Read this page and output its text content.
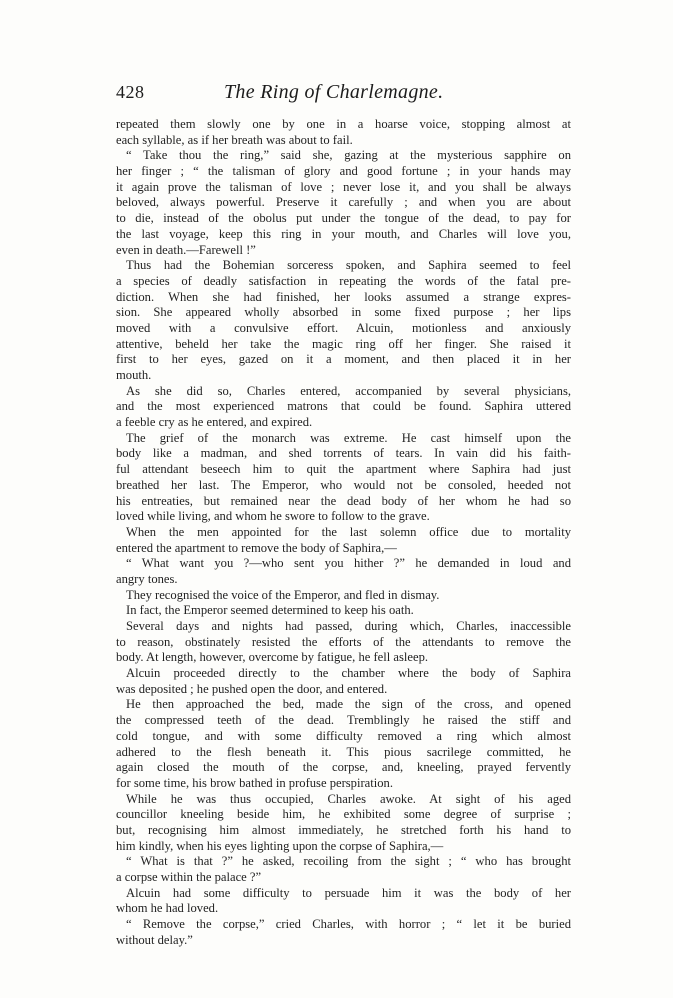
428	The Ring of Charlemagne.
repeated them slowly one by one in a hoarse voice, stopping almost at
each syllable, as if her breath was about to fail.
“ Take thou the ring,” said she, gazing at the mysterious sapphire on
her finger ; “ the talisman of glory and good fortune ; in your hands may
it again prove the talisman of love ; never lose it, and you shall be always
beloved, always powerful. Preserve it carefully ; and when you are about
to die, instead of the obolus put under the tongue of the dead, to pay for
the last voyage, keep this ring in your mouth, and Charles will love you,
even in death.—Farewell !”
Thus had the Bohemian sorceress spoken, and Saphira seemed to feel
a species of deadly satisfaction in repeating the words of the fatal pre-
diction. When she had finished, her looks assumed a strange expres-
sion. She appeared wholly absorbed in some fixed purpose ; her lips
moved with a convulsive effort. Alcuin, motionless and anxiously
attentive, beheld her take the magic ring off her finger. She raised it
first to her eyes, gazed on it a moment, and then placed it in her
mouth.
As she did so, Charles entered, accompanied by several physicians,
and the most experienced matrons that could be found. Saphira uttered
a feeble cry as he entered, and expired.
The grief of the monarch was extreme. He cast himself upon the
body like a madman, and shed torrents of tears. In vain did his faith-
ful attendant beseech him to quit the apartment where Saphira had just
breathed her last. The Emperor, who would not be consoled, heeded not
his entreaties, but remained near the dead body of her whom he had so
loved while living, and whom he swore to follow to the grave.
When the men appointed for the last solemn office due to mortality
entered the apartment to remove the body of Saphira,—
“ What want you ?—who sent you hither ?” he demanded in loud and
angry tones.
They recognised the voice of the Emperor, and fled in dismay.
In fact, the Emperor seemed determined to keep his oath.
Several days and nights had passed, during which, Charles, inaccessible
to reason, obstinately resisted the efforts of the attendants to remove the
body. At length, however, overcome by fatigue, he fell asleep.
Alcuin proceeded directly to the chamber where the body of Saphira
was deposited ; he pushed open the door, and entered.
He then approached the bed, made the sign of the cross, and opened
the compressed teeth of the dead. Tremblingly he raised the stiff and
cold tongue, and with some difficulty removed a ring which almost
adhered to the flesh beneath it. This pious sacrilege committed, he
again closed the mouth of the corpse, and, kneeling, prayed fervently
for some time, his brow bathed in profuse perspiration.
While he was thus occupied, Charles awoke. At sight of his aged
councillor kneeling beside him, he exhibited some degree of surprise ;
but, recognising him almost immediately, he stretched forth his hand to
him kindly, when his eyes lighting upon the corpse of Saphira,—
“ What is that ?” he asked, recoiling from the sight ; “ who has brought
a corpse within the palace ?”
Alcuin had some difficulty to persuade him it was the body of her
whom he had loved.
“ Remove the corpse,” cried Charles, with horror ; “ let it be buried
without delay.”
